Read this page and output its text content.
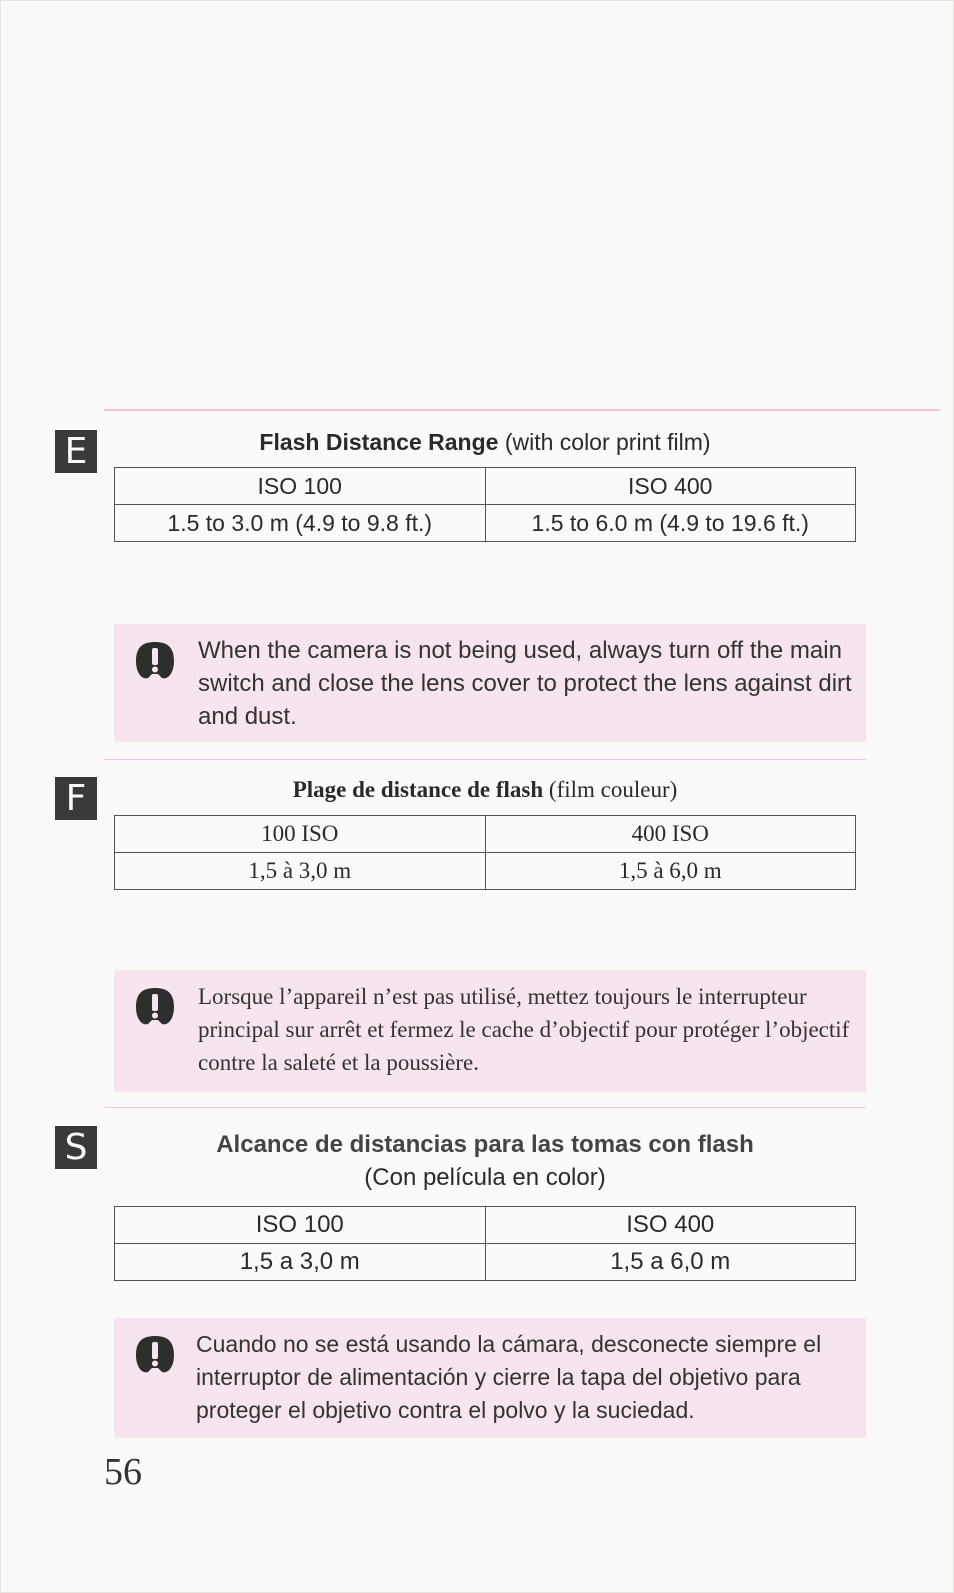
E	Flash Distance Range (with color print film)
ISO 100	ISO 400
1.5 to 3.0 m (4.9 to 9.8 ft.)	1.5 to 6.0 m (4.9 to 19.6 ft.)
When the camera is not being used, always turn off the main switch and close the lens cover to protect the lens against dirt and dust.
F	Plage de distance de flash (film couleur)
100 ISO	400 ISO
1,5 à 3,0 m	1,5 à 6,0 m
Lorsque l’appareil n’est pas utilisé, mettez toujours le interrupteur principal sur arrêt et fermez le cache d’objectif pour protéger l’objectif contre la saleté et la poussière.
S	Alcance de distancias para las tomas con flash
(Con película en color)
ISO 100	ISO 400
1,5 a 3,0 m	1,5 a 6,0 m
Cuando no se está usando la cámara, desconecte siempre el interruptor de alimentación y cierre la tapa del objetivo para proteger el objetivo contra el polvo y la suciedad.
56
